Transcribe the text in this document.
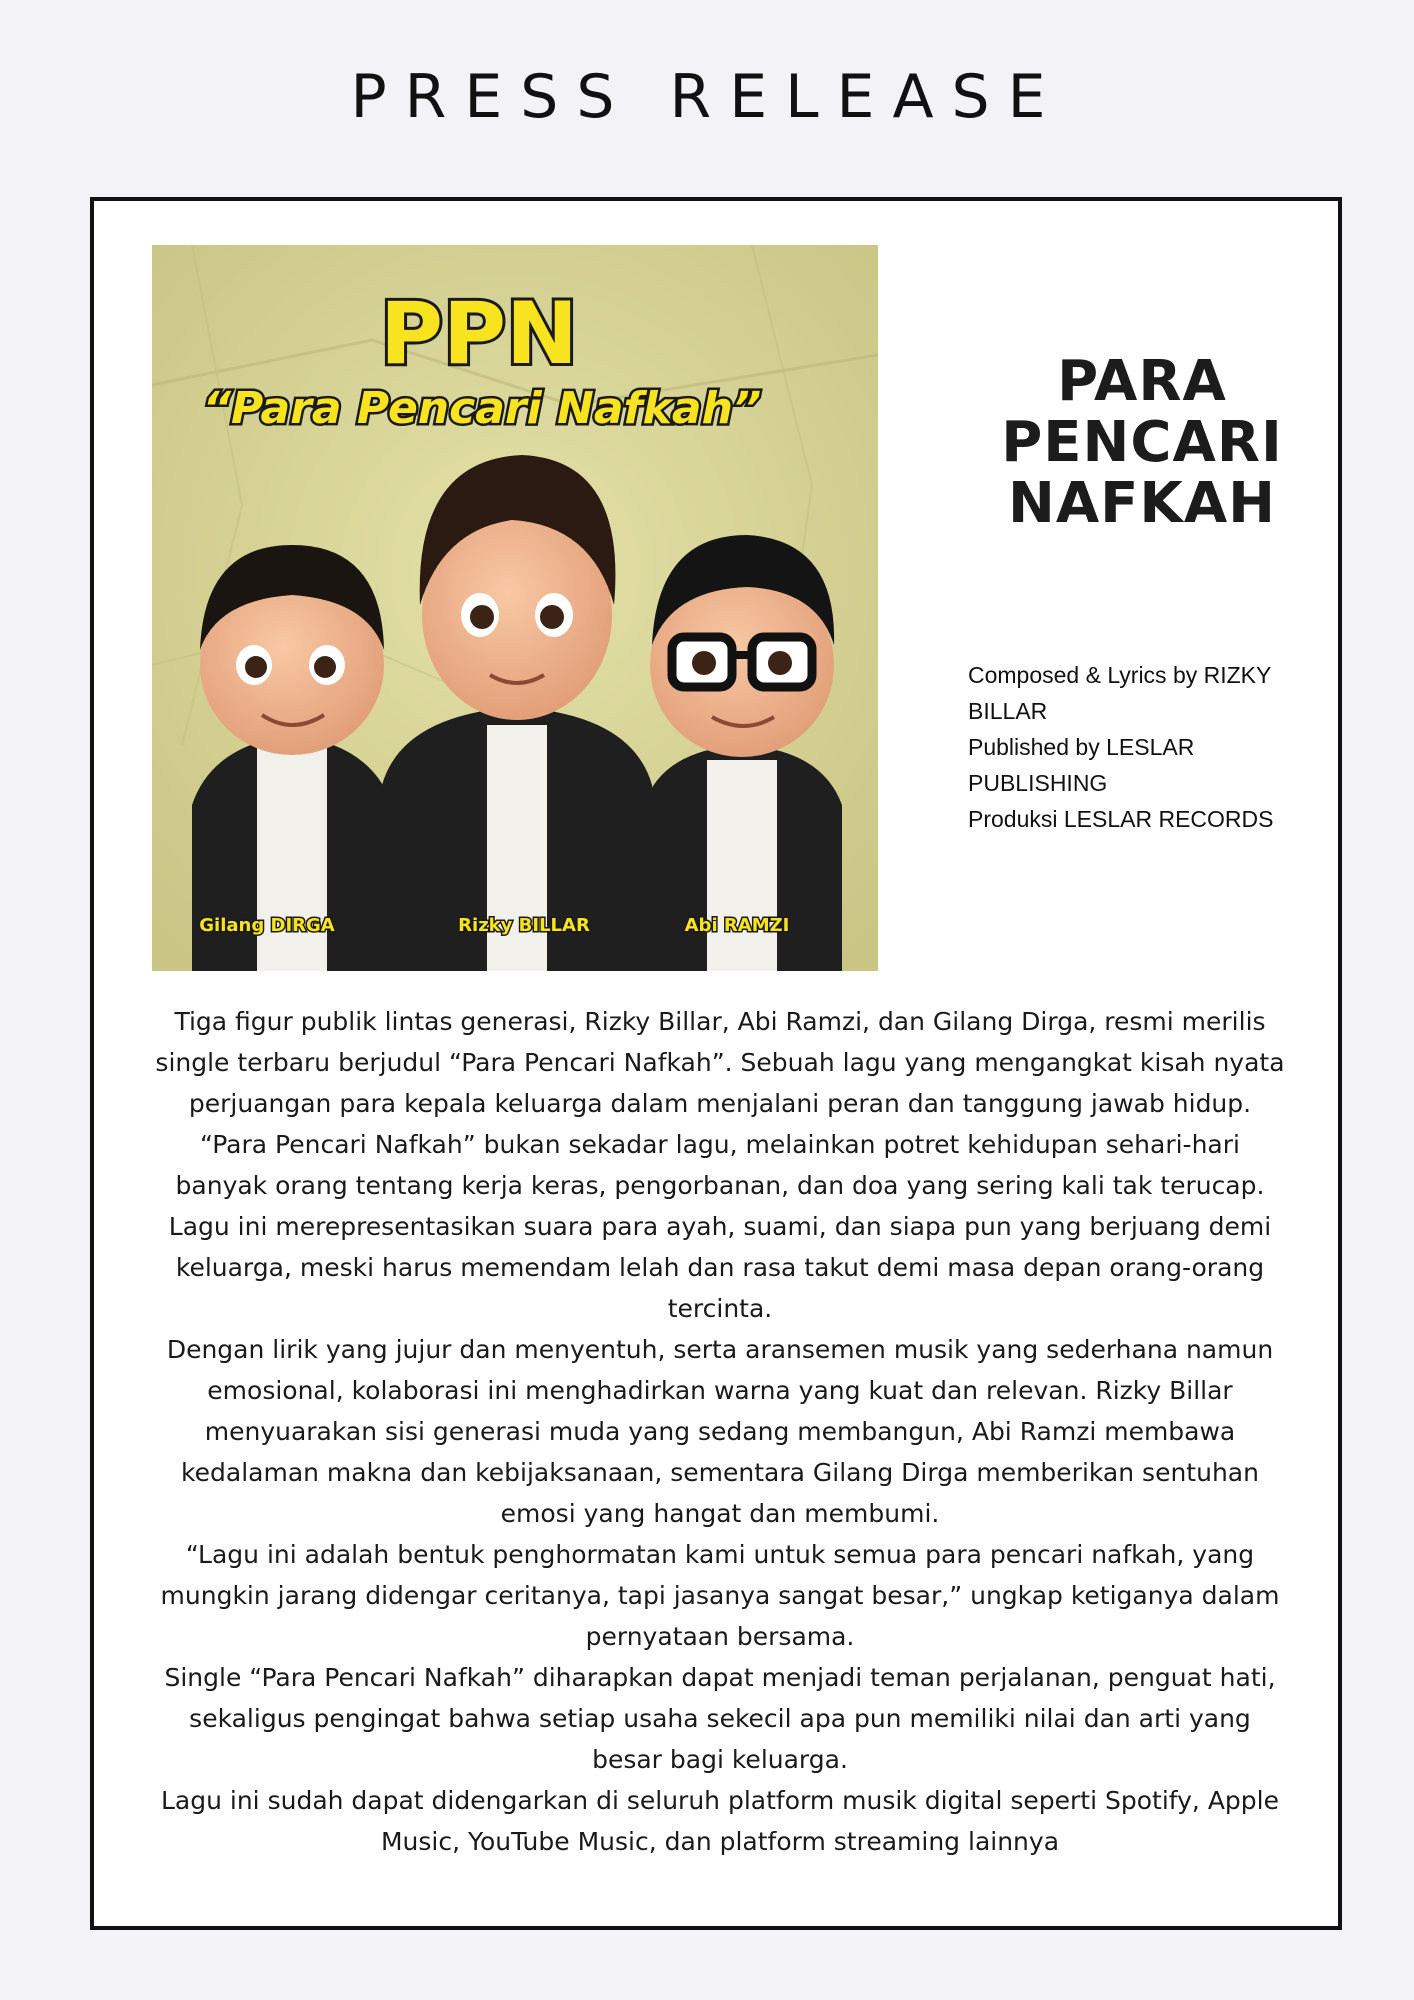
PRESS RELEASE
PPN
“Para Pencari Nafkah”
Gilang DIRGA	Rizky BILLAR	Abi RAMZI
PARA
PENCARI
NAFKAH
Composed & Lyrics by RIZKY
BILLAR
Published by LESLAR
PUBLISHING
Produksi LESLAR RECORDS

Tiga figur publik lintas generasi, Rizky Billar, Abi Ramzi, dan Gilang Dirga, resmi merilis single terbaru berjudul “Para Pencari Nafkah”. Sebuah lagu yang mengangkat kisah nyata perjuangan para kepala keluarga dalam menjalani peran dan tanggung jawab hidup.

“Para Pencari Nafkah” bukan sekadar lagu, melainkan potret kehidupan sehari-hari banyak orang tentang kerja keras, pengorbanan, dan doa yang sering kali tak terucap. Lagu ini merepresentasikan suara para ayah, suami, dan siapa pun yang berjuang demi keluarga, meski harus memendam lelah dan rasa takut demi masa depan orang-orang tercinta.

Dengan lirik yang jujur dan menyentuh, serta aransemen musik yang sederhana namun emosional, kolaborasi ini menghadirkan warna yang kuat dan relevan. Rizky Billar menyuarakan sisi generasi muda yang sedang membangun, Abi Ramzi membawa kedalaman makna dan kebijaksanaan, sementara Gilang Dirga memberikan sentuhan emosi yang hangat dan membumi.

“Lagu ini adalah bentuk penghormatan kami untuk semua para pencari nafkah, yang mungkin jarang didengar ceritanya, tapi jasanya sangat besar,” ungkap ketiganya dalam pernyataan bersama.

Single “Para Pencari Nafkah” diharapkan dapat menjadi teman perjalanan, penguat hati, sekaligus pengingat bahwa setiap usaha sekecil apa pun memiliki nilai dan arti yang besar bagi keluarga.

Lagu ini sudah dapat didengarkan di seluruh platform musik digital seperti Spotify, Apple Music, YouTube Music, dan platform streaming lainnya
